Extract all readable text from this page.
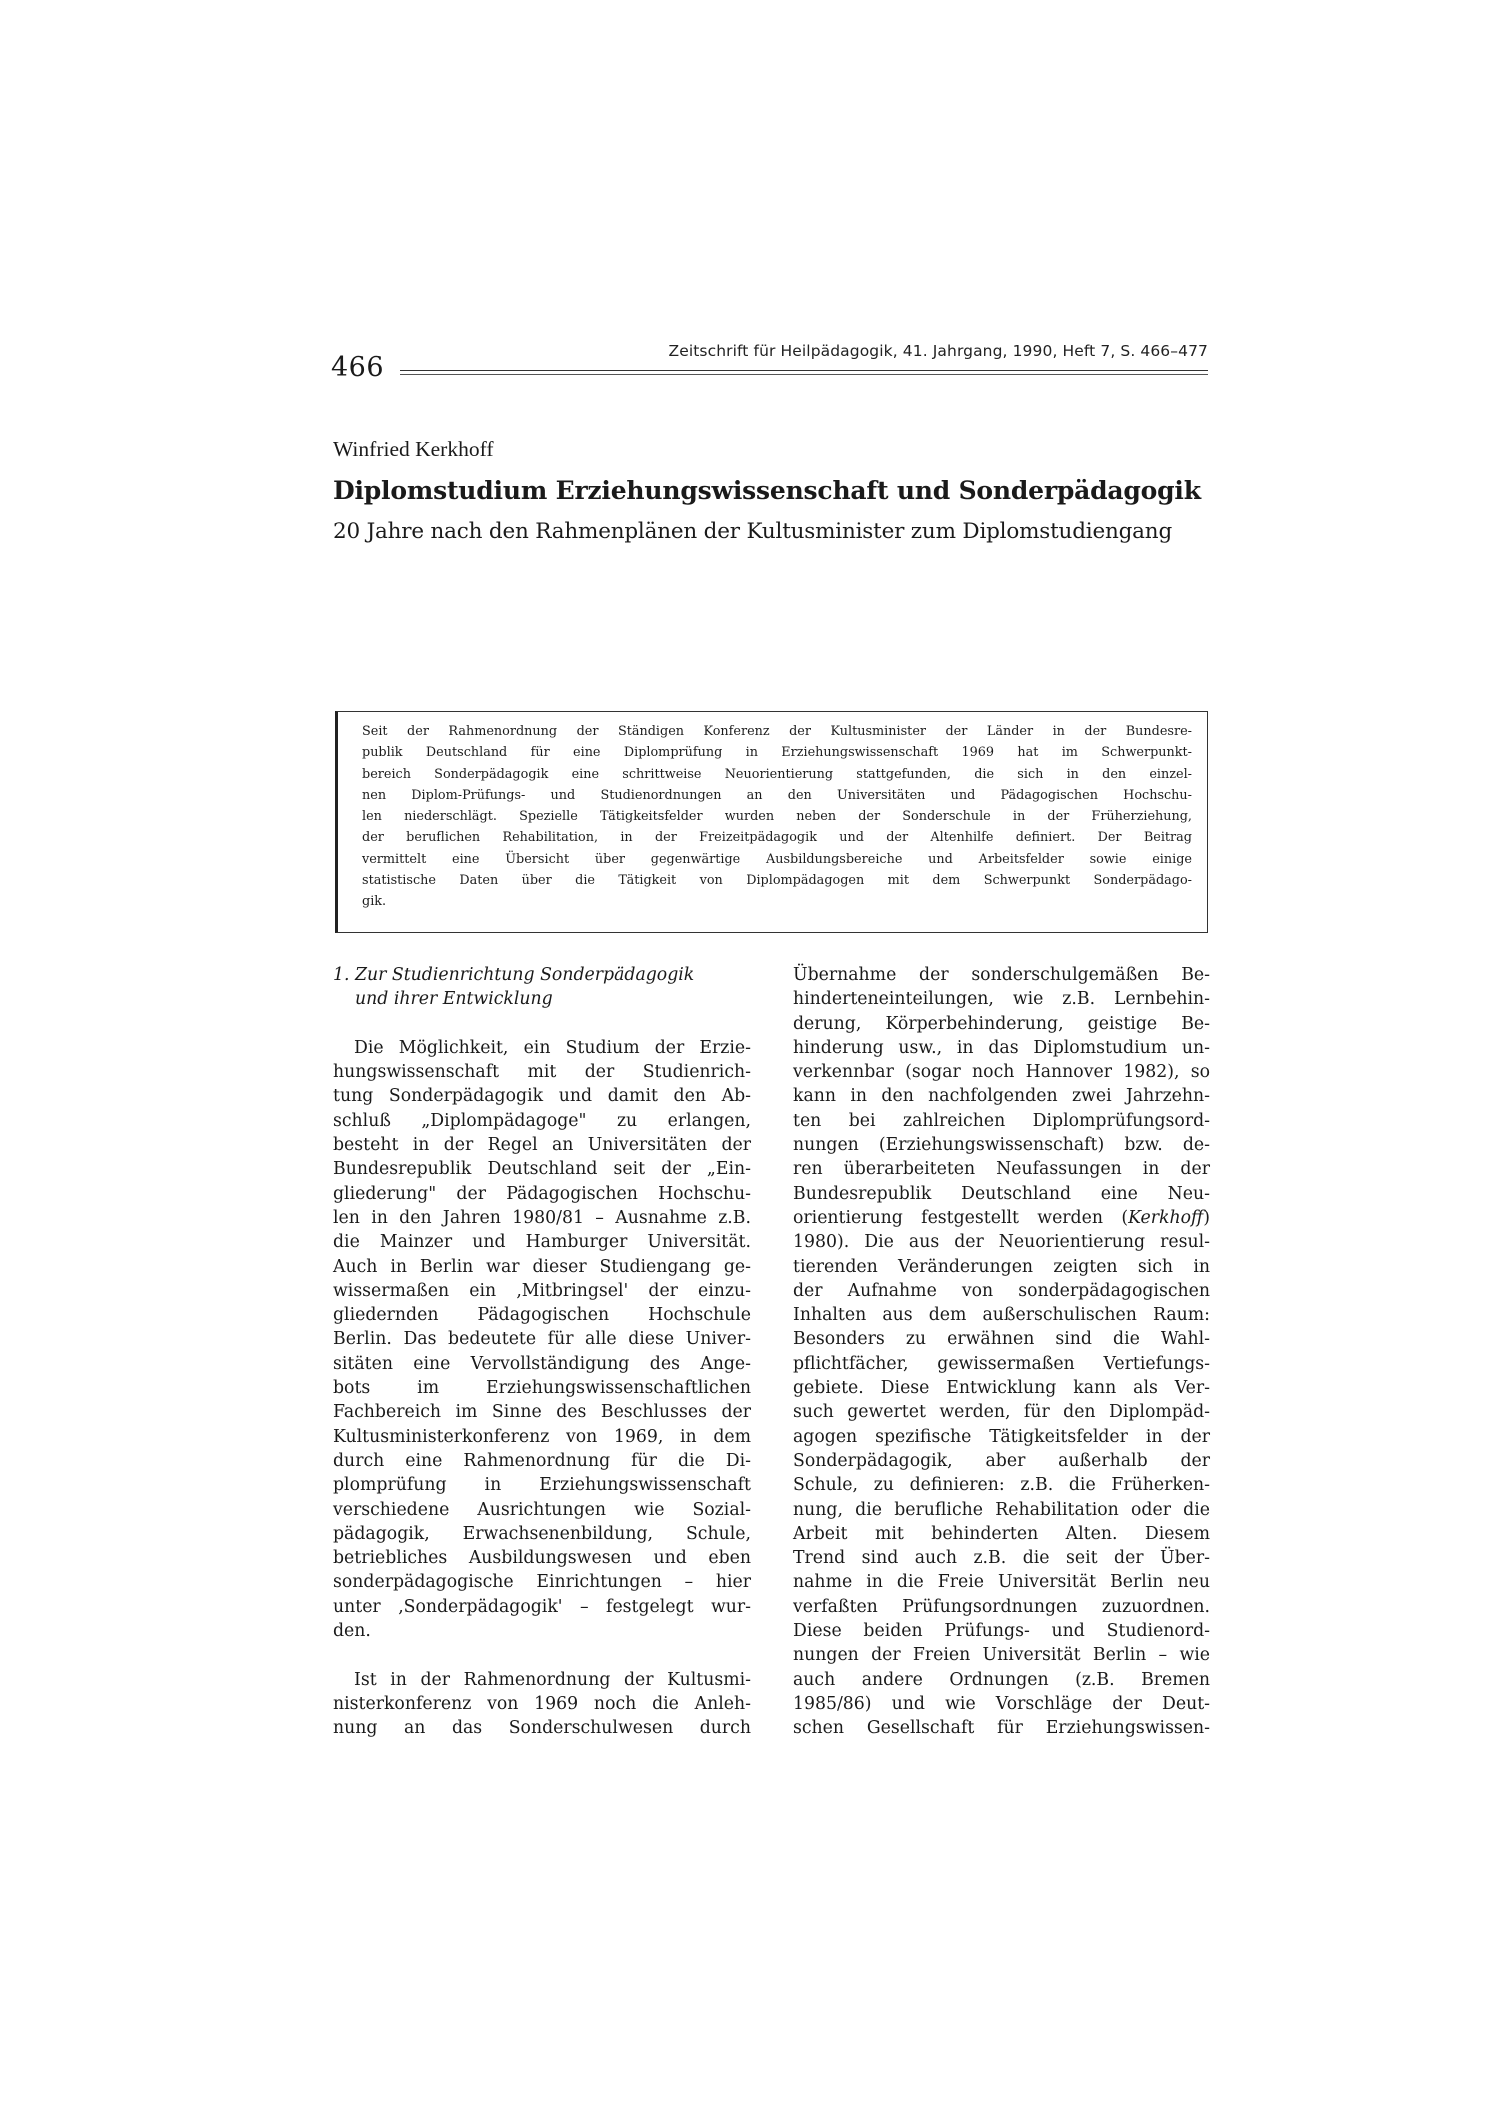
466
Zeitschrift für Heilpädagogik, 41. Jahrgang, 1990, Heft 7, S. 466–477
Winfried Kerkhoff
Diplomstudium Erziehungswissenschaft und Sonderpädagogik
20 Jahre nach den Rahmenplänen der Kultusminister zum Diplomstudiengang
Seit der Rahmenordnung der Ständigen Konferenz der Kultusminister der Länder in der Bundesre-
publik Deutschland für eine Diplomprüfung in Erziehungswissenschaft 1969 hat im Schwerpunkt-
bereich Sonderpädagogik eine schrittweise Neuorientierung stattgefunden, die sich in den einzel-
nen Diplom-Prüfungs- und Studienordnungen an den Universitäten und Pädagogischen Hochschu-
len niederschlägt. Spezielle Tätigkeitsfelder wurden neben der Sonderschule in der Früherziehung,
der beruflichen Rehabilitation, in der Freizeitpädagogik und der Altenhilfe definiert. Der Beitrag
vermittelt eine Übersicht über gegenwärtige Ausbildungsbereiche und Arbeitsfelder sowie einige
statistische Daten über die Tätigkeit von Diplompädagogen mit dem Schwerpunkt Sonderpädago-
gik.
1. Zur Studienrichtung Sonderpädagogik
und ihrer Entwicklung
Die Möglichkeit, ein Studium der Erzie-
hungswissenschaft mit der Studienrich-
tung Sonderpädagogik und damit den Ab-
schluß „Diplompädagoge" zu erlangen,
besteht in der Regel an Universitäten der
Bundesrepublik Deutschland seit der „Ein-
gliederung" der Pädagogischen Hochschu-
len in den Jahren 1980/81 – Ausnahme z.B.
die Mainzer und Hamburger Universität.
Auch in Berlin war dieser Studiengang ge-
wissermaßen ein ‚Mitbringsel' der einzu-
gliedernden Pädagogischen Hochschule
Berlin. Das bedeutete für alle diese Univer-
sitäten eine Vervollständigung des Ange-
bots im Erziehungswissenschaftlichen
Fachbereich im Sinne des Beschlusses der
Kultusministerkonferenz von 1969, in dem
durch eine Rahmenordnung für die Di-
plomprüfung in Erziehungswissenschaft
verschiedene Ausrichtungen wie Sozial-
pädagogik, Erwachsenenbildung, Schule,
betriebliches Ausbildungswesen und eben
sonderpädagogische Einrichtungen – hier
unter ‚Sonderpädagogik' – festgelegt wur-
den.
Ist in der Rahmenordnung der Kultusmi-
nisterkonferenz von 1969 noch die Anleh-
nung an das Sonderschulwesen durch
Übernahme der sonderschulgemäßen Be-
hinderteneinteilungen, wie z.B. Lernbehin-
derung, Körperbehinderung, geistige Be-
hinderung usw., in das Diplomstudium un-
verkennbar (sogar noch Hannover 1982), so
kann in den nachfolgenden zwei Jahrzehn-
ten bei zahlreichen Diplomprüfungsord-
nungen (Erziehungswissenschaft) bzw. de-
ren überarbeiteten Neufassungen in der
Bundesrepublik Deutschland eine Neu-
orientierung festgestellt werden (Kerkhoff)
1980). Die aus der Neuorientierung resul-
tierenden Veränderungen zeigten sich in
der Aufnahme von sonderpädagogischen
Inhalten aus dem außerschulischen Raum:
Besonders zu erwähnen sind die Wahl-
pflichtfächer, gewissermaßen Vertiefungs-
gebiete. Diese Entwicklung kann als Ver-
such gewertet werden, für den Diplompäd-
agogen spezifische Tätigkeitsfelder in der
Sonderpädagogik, aber außerhalb der
Schule, zu definieren: z.B. die Früherken-
nung, die berufliche Rehabilitation oder die
Arbeit mit behinderten Alten. Diesem
Trend sind auch z.B. die seit der Über-
nahme in die Freie Universität Berlin neu
verfaßten Prüfungsordnungen zuzuordnen.
Diese beiden Prüfungs- und Studienord-
nungen der Freien Universität Berlin – wie
auch andere Ordnungen (z.B. Bremen
1985/86) und wie Vorschläge der Deut-
schen Gesellschaft für Erziehungswissen-
